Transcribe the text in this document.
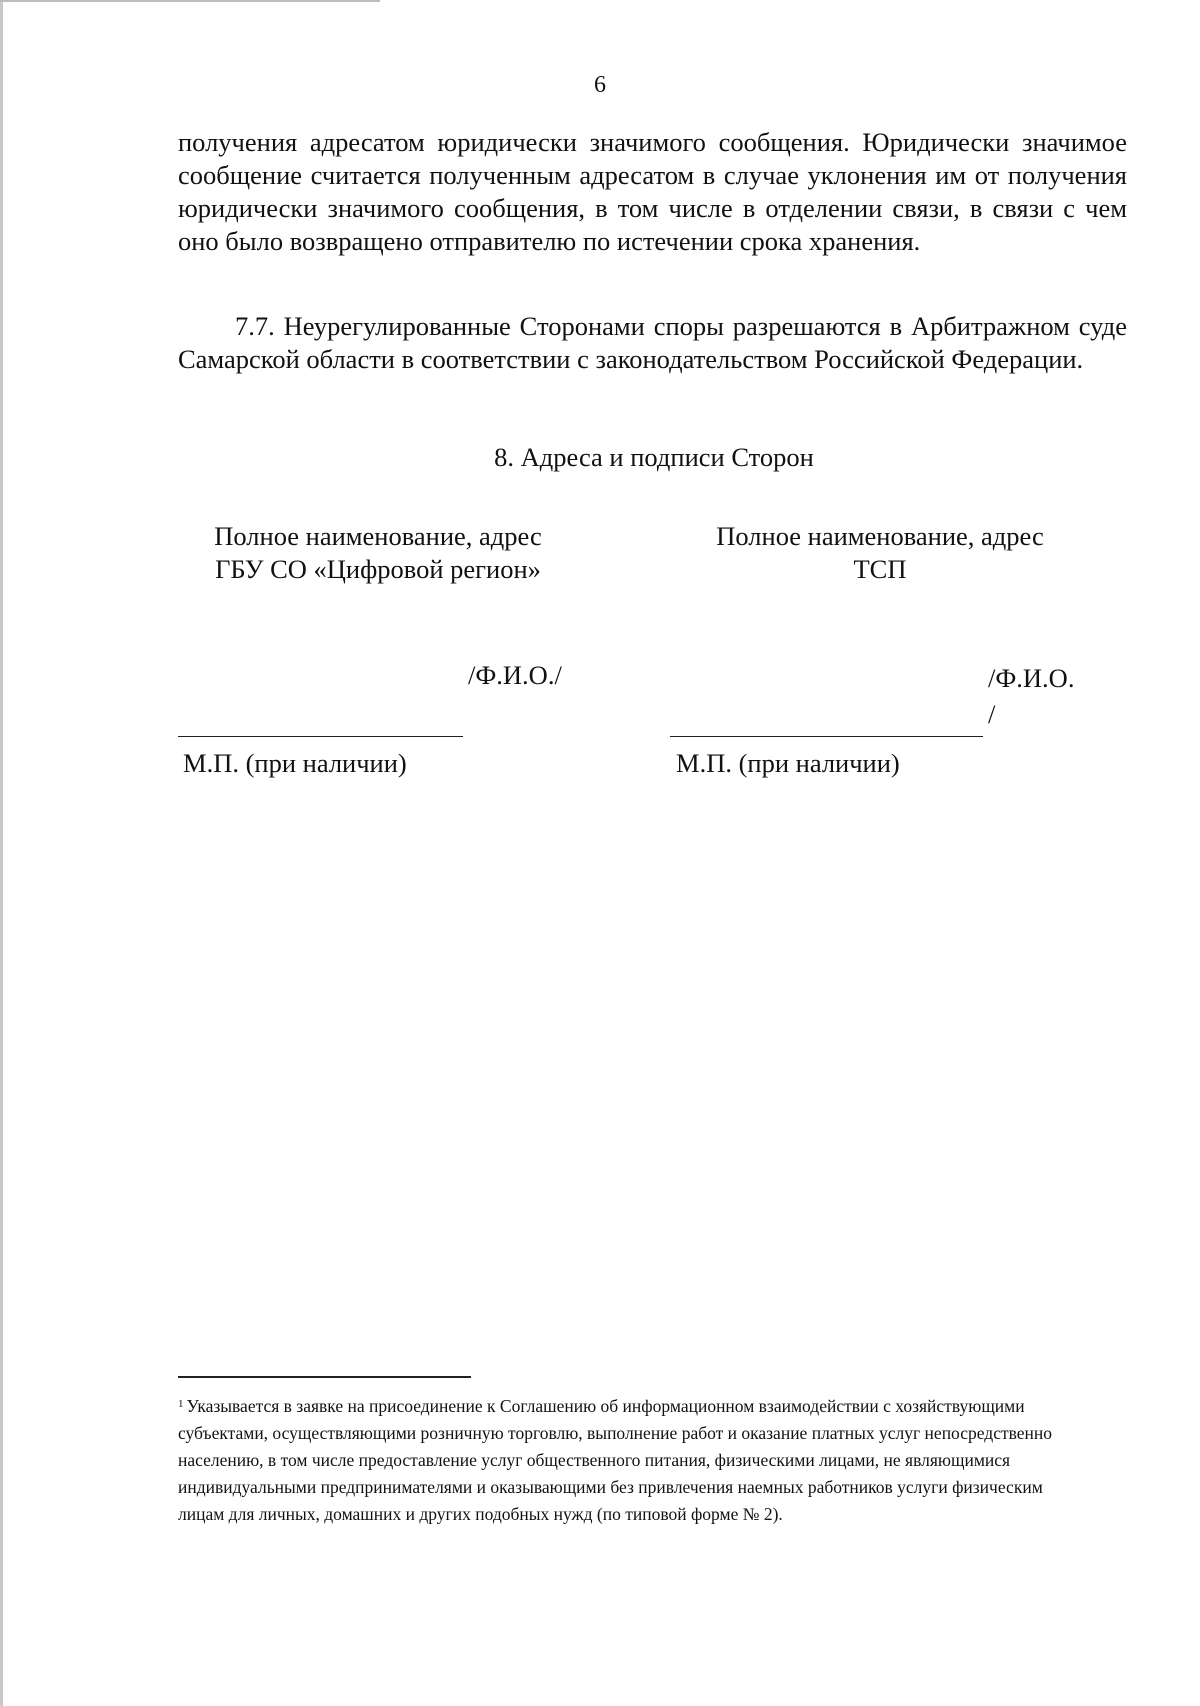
6

получения адресатом юридически значимого сообщения. Юридически значимое сообщение считается полученным адресатом в случае уклонения им от получения юридически значимого сообщения, в том числе в отделении связи, в связи с чем оно было возвращено отправителю по истечении срока хранения.

7.7. Неурегулированные Сторонами споры разрешаются в Арбитражном суде Самарской области в соответствии с законодательством Российской Федерации.

8. Адреса и подписи Сторон
Полное наименование, адрес
ГБУ СО «Цифровой регион»
Полное наименование, адрес
ТСП
/Ф.И.О./	/Ф.И.О.
/
М.П. (при наличии)	М.П. (при наличии)

$^1$ Указывается в заявке на присоединение к Соглашению об информационном взаимодействии с хозяйствующими субъектами, осуществляющими розничную торговлю, выполнение работ и оказание платных услуг непосредственно населению, в том числе предоставление услуг общественного питания, физическими лицами, не являющимися индивидуальными предпринимателями и оказывающими без привлечения наемных работников услуги физическим лицам для личных, домашних и других подобных нужд (по типовой форме № 2).
